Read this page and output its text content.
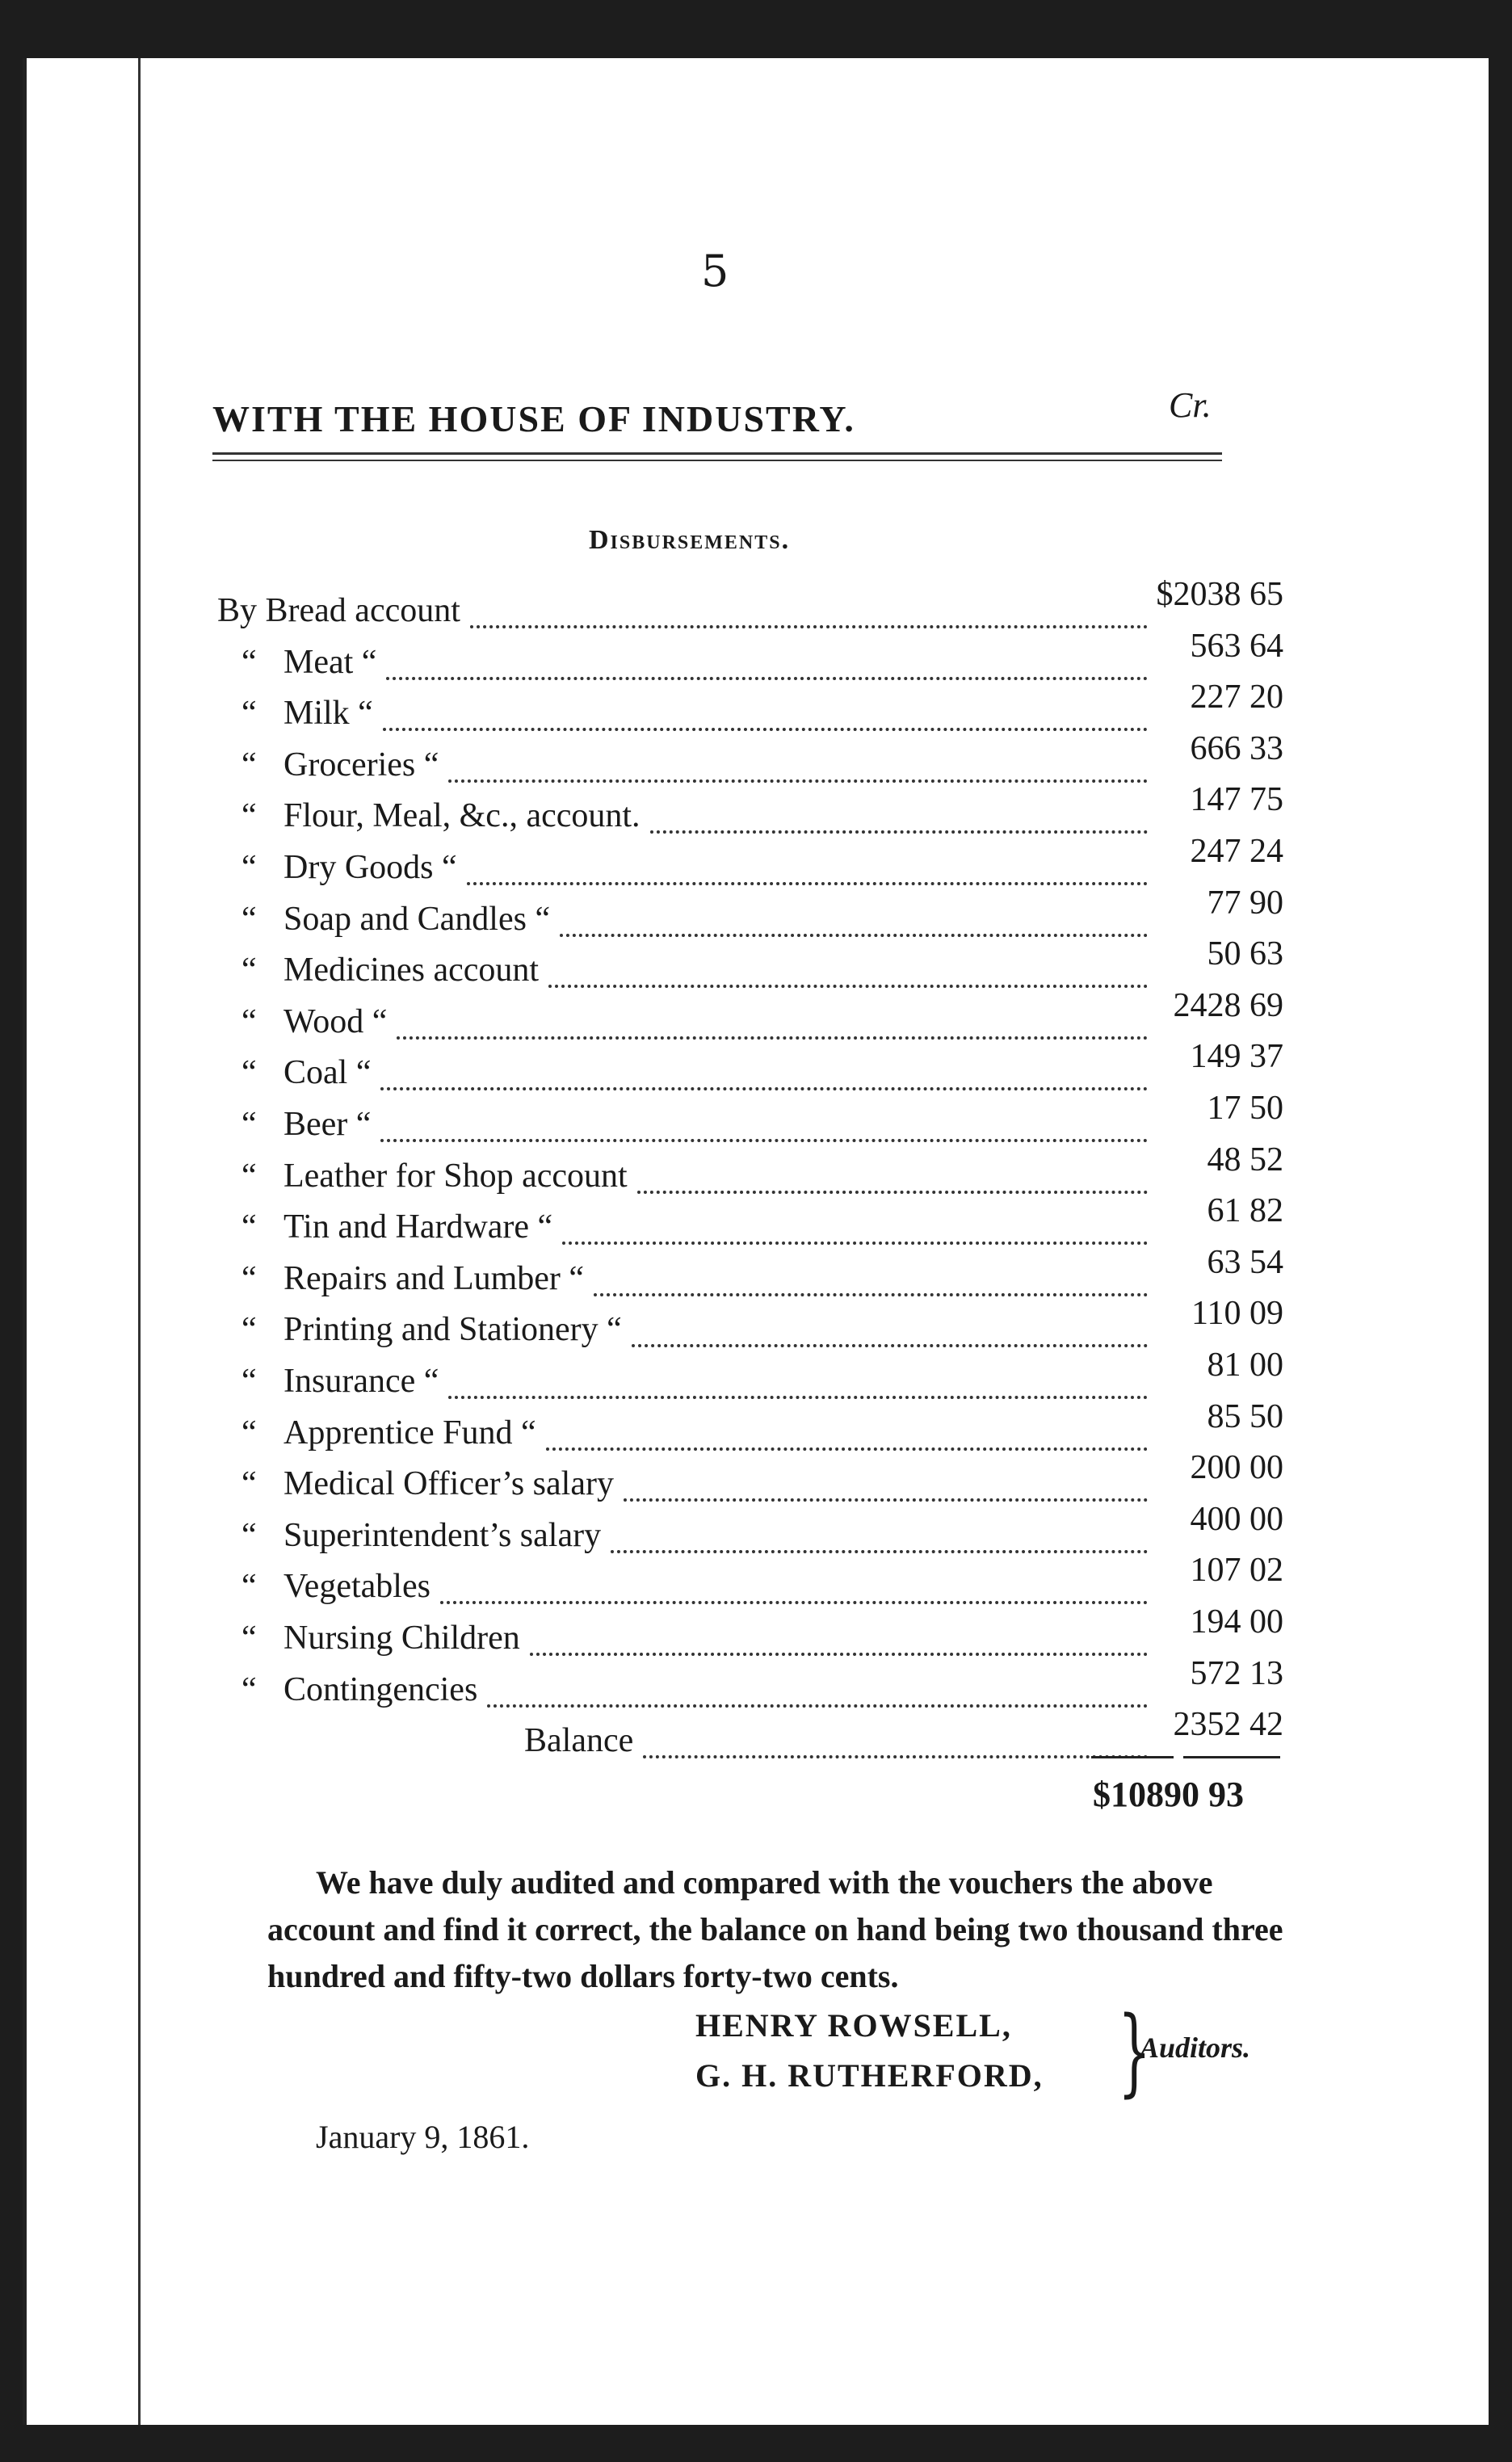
5
WITH THE HOUSE OF INDUSTRY.	Cr.
Disbursements.
By Bread account	$2038 65
“ Meat “	563 64
“ Milk “	227 20
“ Groceries “	666 33
“ Flour, Meal, &c., account.	147 75
“ Dry Goods “	247 24
“ Soap and Candles “	77 90
“ Medicines account	50 63
“ Wood “	2428 69
“ Coal “	149 37
“ Beer “	17 50
“ Leather for Shop account	48 52
“ Tin and Hardware “	61 82
“ Repairs and Lumber “	63 54
“ Printing and Stationery “	110 09
“ Insurance “	81 00
“ Apprentice Fund “	85 50
“ Medical Officer’s salary	200 00
“ Superintendent’s salary	400 00
“ Vegetables	107 02
“ Nursing Children	194 00
“ Contingencies	572 13
Balance	2352 42
$10890 93
We have duly audited and compared with the vouchers the above account and find it correct, the balance on hand being two thousand three hundred and fifty-two dollars forty-two cents.
HENRY ROWSELL,
G. H. RUTHERFORD, }
Auditors.
January 9, 1861.
